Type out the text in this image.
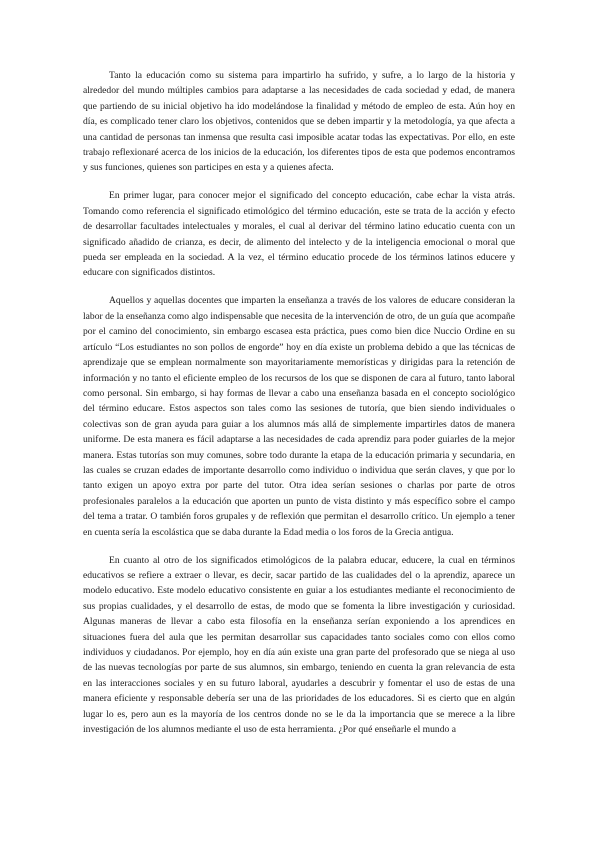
Tanto la educación como su sistema para impartirlo ha sufrido, y sufre, a lo largo de la historia y alrededor del mundo múltiples cambios para adaptarse a las necesidades de cada sociedad y edad, de manera que partiendo de su inicial objetivo ha ido modelándose la finalidad y método de empleo de esta. Aún hoy en día, es complicado tener claro los objetivos, contenidos que se deben impartir y la metodología, ya que afecta a una cantidad de personas tan inmensa que resulta casi imposible acatar todas las expectativas. Por ello, en este trabajo reflexionaré acerca de los inicios de la educación, los diferentes tipos de esta que podemos encontramos y sus funciones, quienes son participes en esta y a quienes afecta.

En primer lugar, para conocer mejor el significado del concepto educación, cabe echar la vista atrás. Tomando como referencia el significado etimológico del término educación, este se trata de la acción y efecto de desarrollar facultades intelectuales y morales, el cual al derivar del término latino educatio cuenta con un significado añadido de crianza, es decir, de alimento del intelecto y de la inteligencia emocional o moral que pueda ser empleada en la sociedad. A la vez, el término educatio procede de los términos latinos educere y educare con significados distintos.

Aquellos y aquellas docentes que imparten la enseñanza a través de los valores de educare consideran la labor de la enseñanza como algo indispensable que necesita de la intervención de otro, de un guía que acompañe por el camino del conocimiento, sin embargo escasea esta práctica, pues como bien dice Nuccio Ordine en su artículo “Los estudiantes no son pollos de engorde” hoy en día existe un problema debido a que las técnicas de aprendizaje que se emplean normalmente son mayoritariamente memorísticas y dirigidas para la retención de información y no tanto el eficiente empleo de los recursos de los que se disponen de cara al futuro, tanto laboral como personal. Sin embargo, si hay formas de llevar a cabo una enseñanza basada en el concepto sociológico del término educare. Estos aspectos son tales como las sesiones de tutoría, que bien siendo individuales o colectivas son de gran ayuda para guiar a los alumnos más allá de simplemente impartirles datos de manera uniforme. De esta manera es fácil adaptarse a las necesidades de cada aprendiz para poder guiarles de la mejor manera. Estas tutorías son muy comunes, sobre todo durante la etapa de la educación primaria y secundaria, en las cuales se cruzan edades de importante desarrollo como individuo o individua que serán claves, y que por lo tanto exigen un apoyo extra por parte del tutor. Otra idea serían sesiones o charlas por parte de otros profesionales paralelos a la educación que aporten un punto de vista distinto y más específico sobre el campo del tema a tratar. O también foros grupales y de reflexión que permitan el desarrollo crítico. Un ejemplo a tener en cuenta sería la escolástica que se daba durante la Edad media o los foros de la Grecia antigua.

En cuanto al otro de los significados etimológicos de la palabra educar, educere, la cual en términos educativos se refiere a extraer o llevar, es decir, sacar partido de las cualidades del o la aprendiz, aparece un modelo educativo. Este modelo educativo consistente en guiar a los estudiantes mediante el reconocimiento de sus propias cualidades, y el desarrollo de estas, de modo que se fomenta la libre investigación y curiosidad. Algunas maneras de llevar a cabo esta filosofía en la enseñanza serían exponiendo a los aprendices en situaciones fuera del aula que les permitan desarrollar sus capacidades tanto sociales como con ellos como individuos y ciudadanos. Por ejemplo, hoy en día aún existe una gran parte del profesorado que se niega al uso de las nuevas tecnologías por parte de sus alumnos, sin embargo, teniendo en cuenta la gran relevancia de esta en las interacciones sociales y en su futuro laboral, ayudarles a descubrir y fomentar el uso de estas de una manera eficiente y responsable debería ser una de las prioridades de los educadores. Si es cierto que en algún lugar lo es, pero aun es la mayoría de los centros donde no se le da la importancia que se merece a la libre investigación de los alumnos mediante el uso de esta herramienta. ¿Por qué enseñarle el mundo a
